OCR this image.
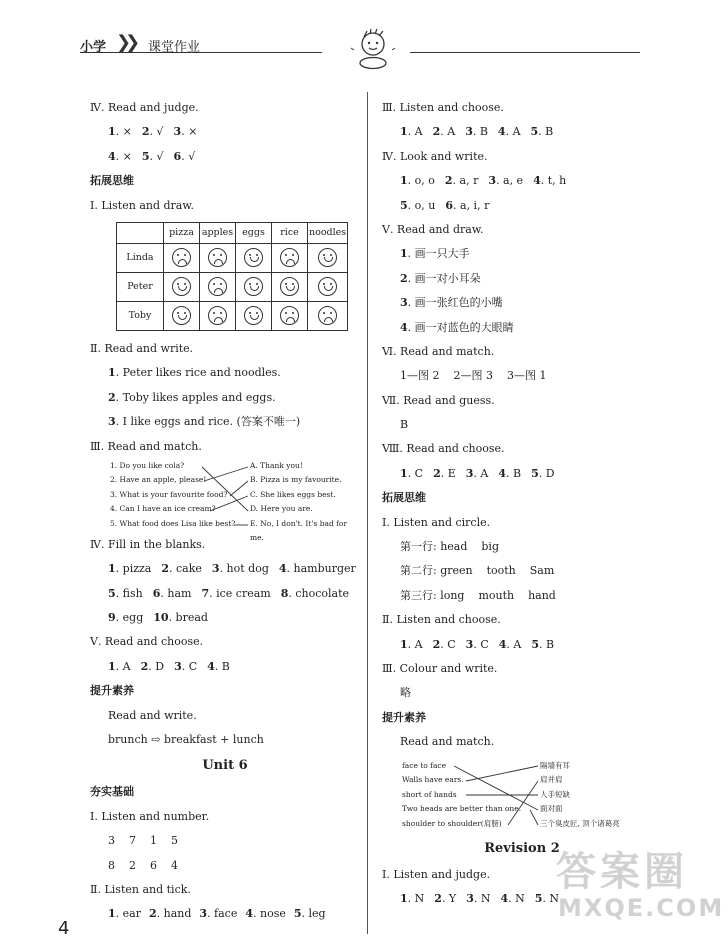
小学 ❯❯ 课堂作业
Ⅳ. Read and judge.
1. × 2. √ 3. ×
4. × 5. √ 6. √
拓展思维
Ⅰ. Listen and draw.
	pizza	apples	eggs	rice	noodles
Linda	

Peter	

Toby	

Ⅱ. Read and write.
1. Peter likes rice and noodles.
2. Toby likes apples and eggs.
3. I like eggs and rice. (答案不唯一)
Ⅲ. Read and match.
1. Do you like cola?
2. Have an apple, please!
3. What is your favourite food?
4. Can I have an ice cream?
5. What food does Lisa like best?
A. Thank you!
B. Pizza is my favourite.
C. She likes eggs best.
D. Here you are.
E. No, I don't. It's bad for me.
Ⅳ. Fill in the blanks.
1. pizza 2. cake 3. hot dog 4. hamburger
5. fish 6. ham 7. ice cream 8. chocolate
9. egg 10. bread
Ⅴ. Read and choose.
1. A 2. D 3. C 4. B
提升素养
Read and write.
brunch ⇨ breakfast + lunch
Unit 6
夯实基础
Ⅰ. Listen and number.
3    7    1    5
8    2    6    4
Ⅱ. Listen and tick.
1. ear 2. hand 3. face 4. nose 5. leg
Ⅲ. Listen and choose.
1. A 2. A 3. B 4. A 5. B
Ⅳ. Look and write.
1. o, o 2. a, r 3. a, e 4. t, h
5. o, u 6. a, i, r
Ⅴ. Read and draw.
1. 画一只大手
2. 画一对小耳朵
3. 画一张红色的小嘴
4. 画一对蓝色的大眼睛
Ⅵ. Read and match.
1—图 2    2—图 3    3—图 1
Ⅶ. Read and guess.
B
Ⅷ. Read and choose.
1. C 2. E 3. A 4. B 5. D
拓展思维
Ⅰ. Listen and circle.
第一行: head    big
第二行: green    tooth    Sam
第三行: long    mouth    hand
Ⅱ. Listen and choose.
1. A 2. C 3. C 4. A 5. B
Ⅲ. Colour and write.
略
提升素养
Read and match.
face to face
Walls have ears.
short of hands
Two heads are better than one.
shoulder to shoulder(肩膀)
隔墙有耳
肩并肩
人手短缺
面对面
三个臭皮匠, 顶个诸葛亮
Revision 2
Ⅰ. Listen and judge.
1. N 2. Y 3. N 4. N 5. N
4
答案圈
MXQE.COM
